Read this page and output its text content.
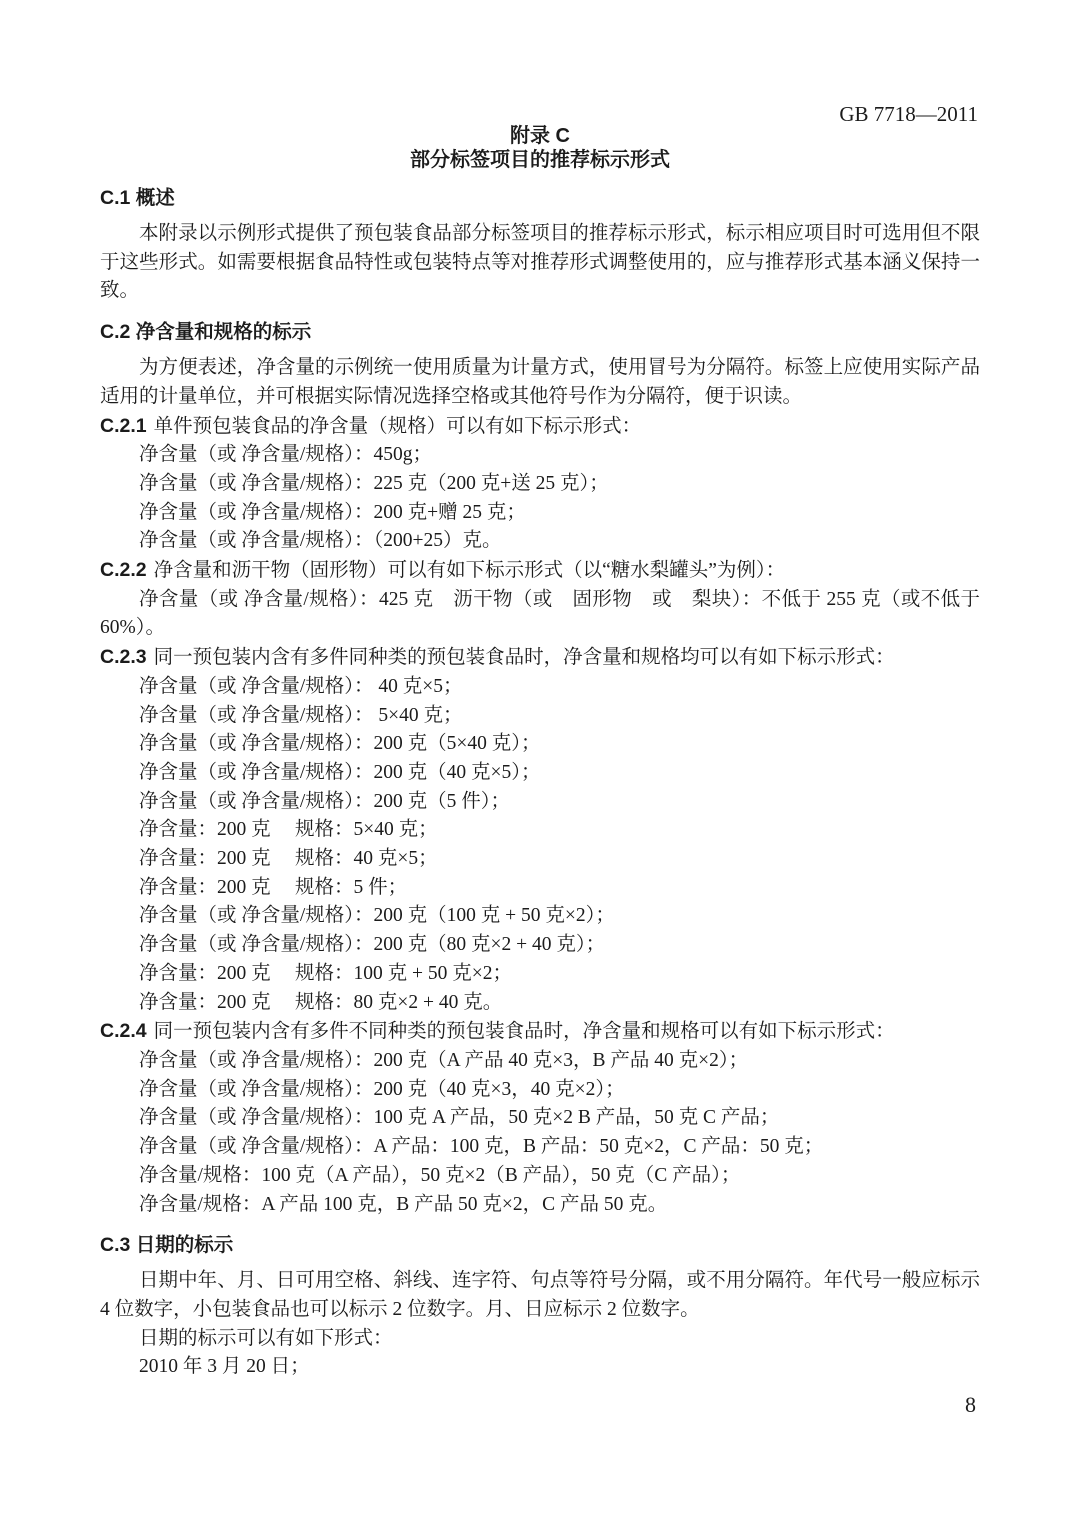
GB 7718—2011
附录 C
部分标签项目的推荐标示形式
C.1 概述

本附录以示例形式提供了预包装食品部分标签项目的推荐标示形式，标示相应项目时可选用但不限于这些形式。如需要根据食品特性或包装特点等对推荐形式调整使用的，应与推荐形式基本涵义保持一致。

C.2 净含量和规格的标示

为方便表述，净含量的示例统一使用质量为计量方式，使用冒号为分隔符。标签上应使用实际产品适用的计量单位，并可根据实际情况选择空格或其他符号作为分隔符，便于识读。

C.2.1 单件预包装食品的净含量（规格）可以有如下标示形式：

净含量（或 净含量/规格）：450g；

净含量（或 净含量/规格）：225 克（200 克+送 25 克）；

净含量（或 净含量/规格）：200 克+赠 25 克；

净含量（或 净含量/规格）：（200+25）克。

C.2.2 净含量和沥干物（固形物）可以有如下标示形式（以“糖水梨罐头”为例）：

净含量（或 净含量/规格）：425 克　沥干物（或　固形物　或　梨块）：不低于 255 克（或不低于 60%）。

C.2.3 同一预包装内含有多件同种类的预包装食品时，净含量和规格均可以有如下标示形式：

净含量（或 净含量/规格）： 40 克×5；

净含量（或 净含量/规格）： 5×40 克；

净含量（或 净含量/规格）：200 克（5×40 克）；

净含量（或 净含量/规格）：200 克（40 克×5）；

净含量（或 净含量/规格）：200 克（5 件）；

净含量：200 克　 规格：5×40 克；

净含量：200 克　 规格：40 克×5；

净含量：200 克　 规格：5 件；

净含量（或 净含量/规格）：200 克（100 克 + 50 克×2）；

净含量（或 净含量/规格）：200 克（80 克×2 + 40 克）；

净含量：200 克　 规格：100 克 + 50 克×2；

净含量：200 克　 规格：80 克×2 + 40 克。

C.2.4 同一预包装内含有多件不同种类的预包装食品时，净含量和规格可以有如下标示形式：

净含量（或 净含量/规格）：200 克（A 产品 40 克×3，B 产品 40 克×2）；

净含量（或 净含量/规格）：200 克（40 克×3，40 克×2）；

净含量（或 净含量/规格）：100 克 A 产品，50 克×2 B 产品，50 克 C 产品；

净含量（或 净含量/规格）：A 产品：100 克，B 产品：50 克×2，C 产品：50 克；

净含量/规格：100 克（A 产品），50 克×2（B 产品），50 克（C 产品）；

净含量/规格：A 产品 100 克，B 产品 50 克×2，C 产品 50 克。

C.3 日期的标示

日期中年、月、日可用空格、斜线、连字符、句点等符号分隔，或不用分隔符。年代号一般应标示 4 位数字，小包装食品也可以标示 2 位数字。月、日应标示 2 位数字。

日期的标示可以有如下形式：

2010 年 3 月 20 日；

8
